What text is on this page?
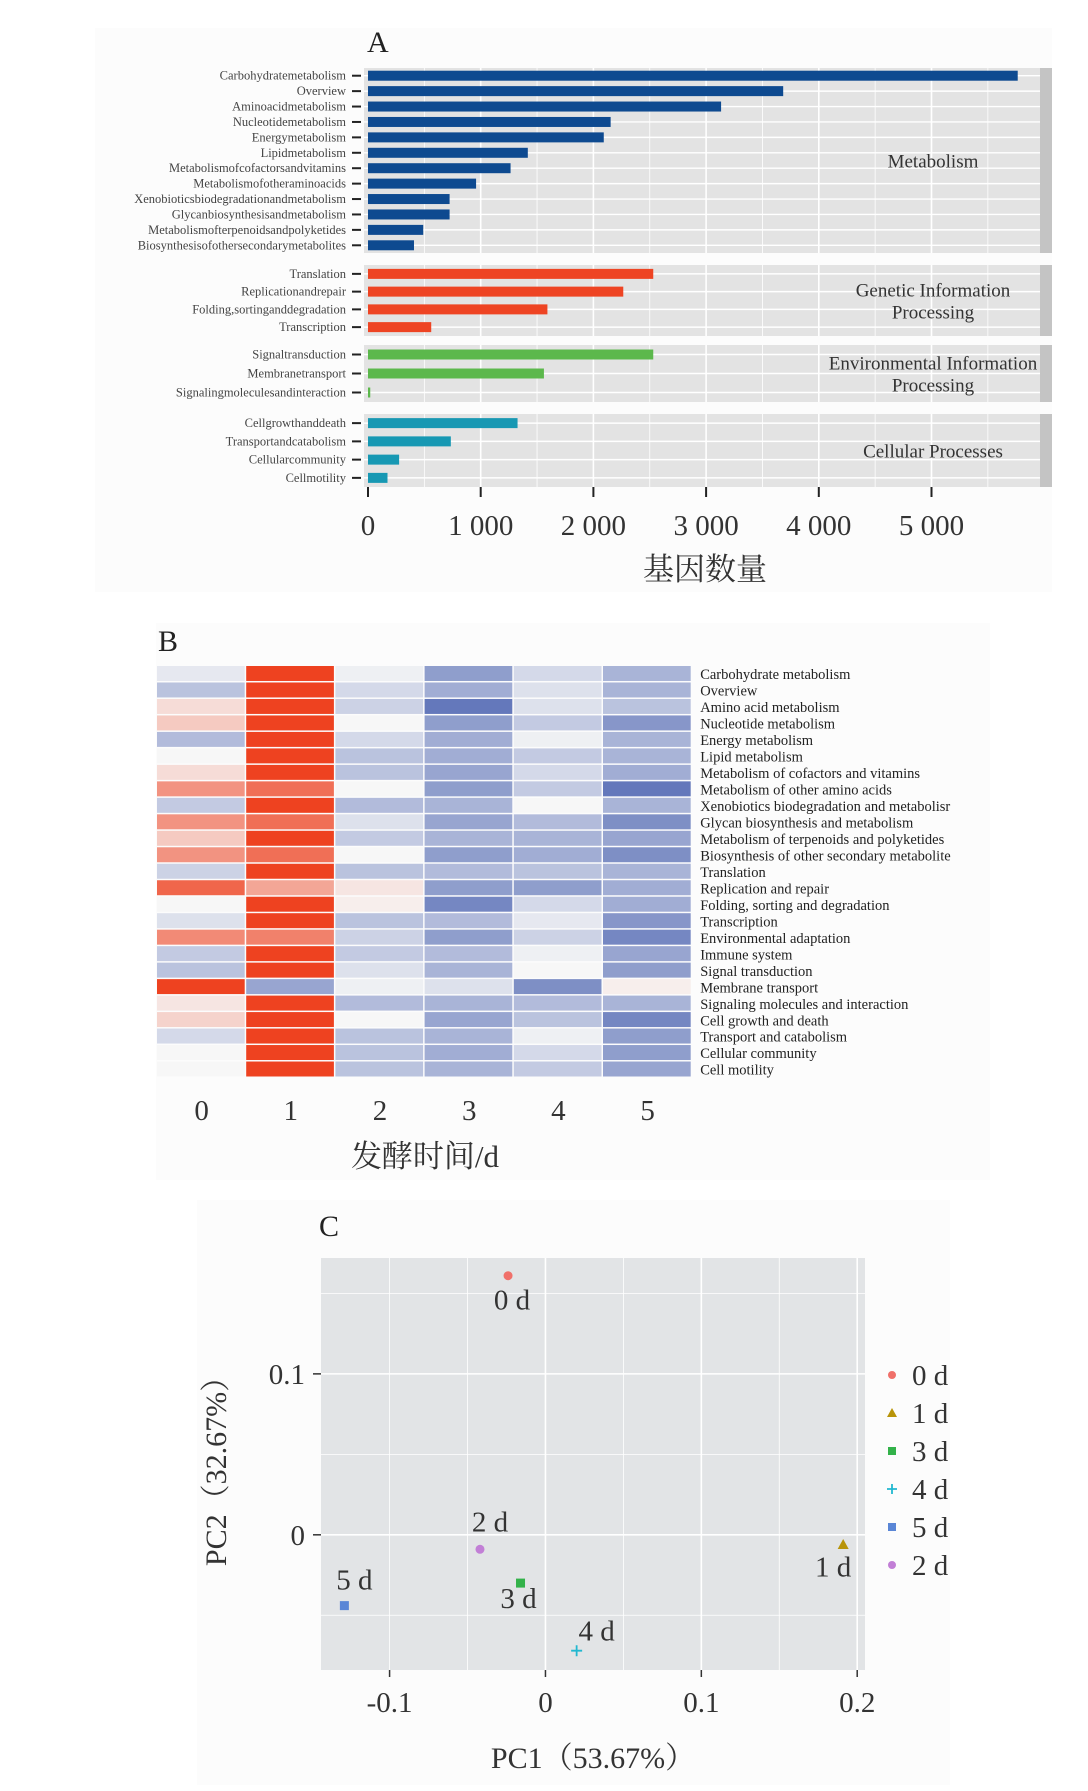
A
Carbohydratemetabolism
Overview
Aminoacidmetabolism
Nucleotidemetabolism
Energymetabolism
Lipidmetabolism
Metabolismofcofactorsandvitamins
Metabolismofotheraminoacids
Xenobioticsbiodegradationandmetabolism
Glycanbiosynthesisandmetabolism
Metabolismofterpenoidsandpolyketides
Biosynthesisofothersecondarymetabolites
Metabolism
Translation
Replicationandrepair
Folding,sortinganddegradation
Transcription
Genetic Information
Processing
Signaltransduction
Membranetransport
Signalingmoleculesandinteraction
Environmental Information
Processing
Cellgrowthanddeath
Transportandcatabolism
Cellularcommunity
Cellmotility
Cellular Processes
0	1 000 2 000 3 000 4 000 5 000
基因数量
B
Carbohydrate metabolism
Overview
Amino acid metabolism
Nucleotide metabolism
Energy metabolism
Lipid metabolism
Metabolism of cofactors and vitamins
Metabolism of other amino acids
Xenobiotics biodegradation and metabolisr
Glycan biosynthesis and metabolism
Metabolism of terpenoids and polyketides
Biosynthesis of other secondary metabolite
Translation
Replication and repair
Folding, sorting and degradation
Transcription
Environmental adaptation
Immune system
Signal transduction
Membrane transport
Signaling molecules and interaction
Cell growth and death
Transport and catabolism
Cellular community
Cell motility
0	1	2	3	4	5
发酵时间/d
C
-0.1	0	0.1	0.2
0
0.1
PC1（53.67%）
PC2（32.67%）
0 d
0 d
1 d
1 d
3 d
3 d
4 d
4 d
5 d
5 d
2 d
2 d
